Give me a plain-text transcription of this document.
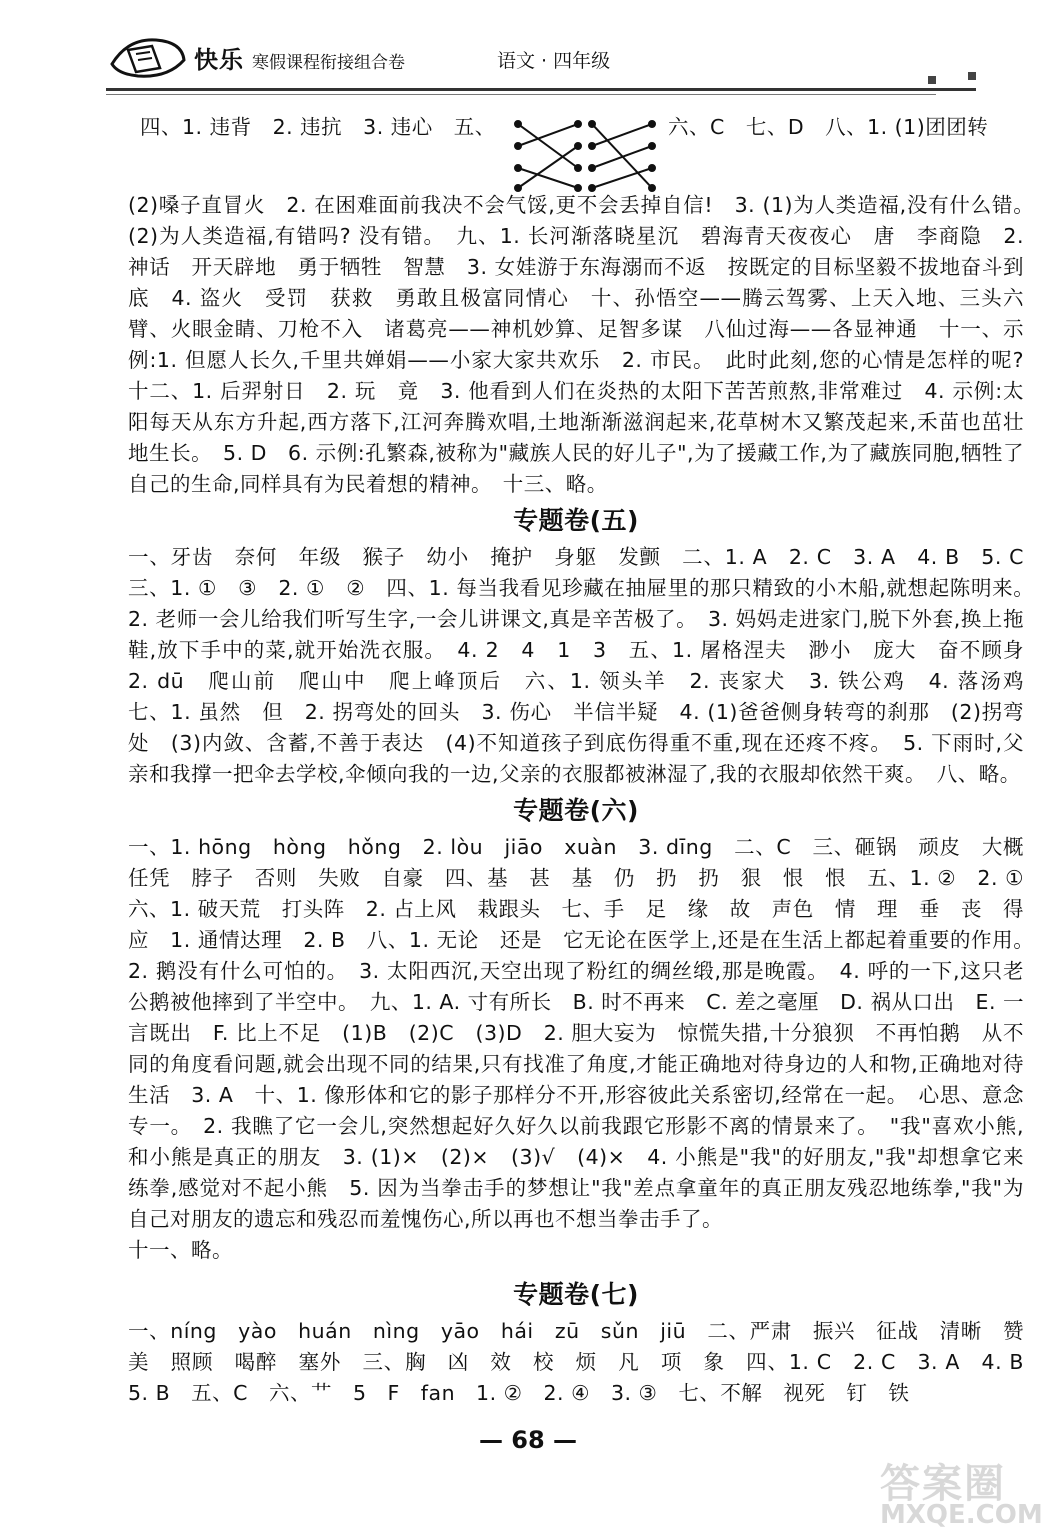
快乐 寒假课程衔接组合卷	语文 · 四年级
四、1. 违背　2. 违抗　3. 违心　五、	六、C　七、D　八、1. (1)团团转

(2)嗓子直冒火　2. 在困难面前我决不会气馁,更不会丢掉自信!　3. (1)为人类造福,没有什么错。　(2)为人类造福,有错吗? 没有错。　九、1. 长河渐落晓星沉　碧海青天夜夜心　唐　李商隐　2. 神话　开天辟地　勇于牺牲　智慧　3. 女娃游于东海溺而不返　按既定的目标坚毅不拔地奋斗到底　4. 盗火　受罚　获救　勇敢且极富同情心　十、孙悟空——腾云驾雾、上天入地、三头六臂、火眼金睛、刀枪不入　诸葛亮——神机妙算、足智多谋　八仙过海——各显神通　十一、示例:1. 但愿人长久,千里共婵娟——小家大家共欢乐　2. 市民。　此时此刻,您的心情是怎样的呢?　十二、1. 后羿射日　2. 玩　竟　3. 他看到人们在炎热的太阳下苦苦煎熬,非常难过　4. 示例:太阳每天从东方升起,西方落下,江河奔腾欢唱,土地渐渐滋润起来,花草树木又繁茂起来,禾苗也茁壮地生长。　5. D　6. 示例:孔繁森,被称为"藏族人民的好儿子",为了援藏工作,为了藏族同胞,牺牲了自己的生命,同样具有为民着想的精神。　十三、略。

专题卷(五)

一、牙齿　奈何　年级　猴子　幼小　掩护　身躯　发颤　二、1. A　2. C　3. A　4. B　5. C　三、1. ①　③　2. ①　②　四、1. 每当我看见珍藏在抽屉里的那只精致的小木船,就想起陈明来。　2. 老师一会儿给我们听写生字,一会儿讲课文,真是辛苦极了。　3. 妈妈走进家门,脱下外套,换上拖鞋,放下手中的菜,就开始洗衣服。　4. 2　4　1　3　五、1. 屠格涅夫　渺小　庞大　奋不顾身　2. dū　爬山前　爬山中　爬上峰顶后　六、1. 领头羊　2. 丧家犬　3. 铁公鸡　4. 落汤鸡　七、1. 虽然　但　2. 拐弯处的回头　3. 伤心　半信半疑　4. (1)爸爸侧身转弯的刹那　(2)拐弯处　(3)内敛、含蓄,不善于表达　(4)不知道孩子到底伤得重不重,现在还疼不疼。　5. 下雨时,父亲和我撑一把伞去学校,伞倾向我的一边,父亲的衣服都被淋湿了,我的衣服却依然干爽。　八、略。

专题卷(六)

一、1. hōng　hòng　hǒng　2. lòu　jiāo　xuàn　3. dīng　二、C　三、砸锅　顽皮　大概　任凭　脖子　否则　失败　自豪　四、基　甚　基　仍　扔　扔　狠　恨　恨　五、1. ②　2. ①　六、1. 破天荒　打头阵　2. 占上风　栽跟头　七、手　足　缘　故　声色　情　理　垂　丧　得　应　1. 通情达理　2. B　八、1. 无论　还是　它无论在医学上,还是在生活上都起着重要的作用。　2. 鹅没有什么可怕的。　3. 太阳西沉,天空出现了粉红的绸丝缎,那是晚霞。　4. 呼的一下,这只老公鹅被他摔到了半空中。　九、1. A. 寸有所长　B. 时不再来　C. 差之毫厘　D. 祸从口出　E. 一言既出　F. 比上不足　(1)B　(2)C　(3)D　2. 胆大妄为　惊慌失措,十分狼狈　不再怕鹅　从不同的角度看问题,就会出现不同的结果,只有找准了角度,才能正确地对待身边的人和物,正确地对待生活　3. A　十、1. 像形体和它的影子那样分不开,形容彼此关系密切,经常在一起。　心思、意念专一。　2. 我瞧了它一会儿,突然想起好久好久以前我跟它形影不离的情景来了。　"我"喜欢小熊,和小熊是真正的朋友　3. (1)×　(2)×　(3)√　(4)×　4. 小熊是"我"的好朋友,"我"却想拿它来练拳,感觉对不起小熊　5. 因为当拳击手的梦想让"我"差点拿童年的真正朋友残忍地练拳,"我"为自己对朋友的遗忘和残忍而羞愧伤心,所以再也不想当拳击手了。

十一、略。

专题卷(七)

一、níng　yào　huán　nìng　yāo　hái　zū　sǔn　jiū　二、严肃　振兴　征战　清晰　赞美　照顾　喝醉　塞外　三、胸　凶　效　校　烦　凡　项　象　四、1. C　2. C　3. A　4. B　5. B　五、C　六、艹　5　F　fan　1. ②　2. ④　3. ③　七、不解　视死　钉　铁

— 68 —
答案圈
MXQE.COM
